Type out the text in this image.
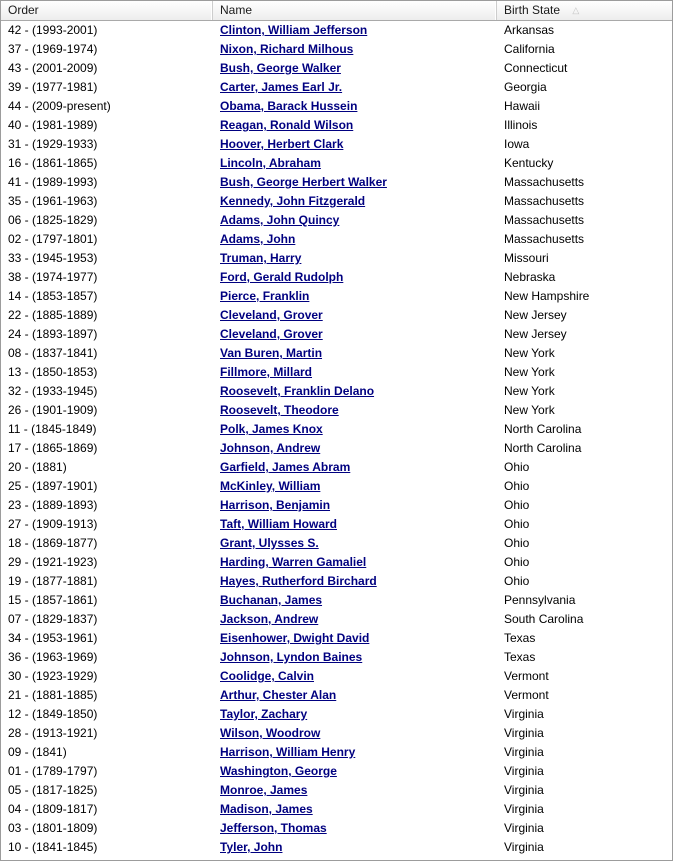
Order	Name	Birth State △
42 - (1993-2001)	Clinton, William Jefferson	Arkansas
37 - (1969-1974)	Nixon, Richard Milhous	California
43 - (2001-2009)	Bush, George Walker	Connecticut
39 - (1977-1981)	Carter, James Earl Jr.	Georgia
44 - (2009-present)	Obama, Barack Hussein	Hawaii
40 - (1981-1989)	Reagan, Ronald Wilson	Illinois
31 - (1929-1933)	Hoover, Herbert Clark	Iowa
16 - (1861-1865)	Lincoln, Abraham	Kentucky
41 - (1989-1993)	Bush, George Herbert Walker	Massachusetts
35 - (1961-1963)	Kennedy, John Fitzgerald	Massachusetts
06 - (1825-1829)	Adams, John Quincy	Massachusetts
02 - (1797-1801)	Adams, John	Massachusetts
33 - (1945-1953)	Truman, Harry	Missouri
38 - (1974-1977)	Ford, Gerald Rudolph	Nebraska
14 - (1853-1857)	Pierce, Franklin	New Hampshire
22 - (1885-1889)	Cleveland, Grover	New Jersey
24 - (1893-1897)	Cleveland, Grover	New Jersey
08 - (1837-1841)	Van Buren, Martin	New York
13 - (1850-1853)	Fillmore, Millard	New York
32 - (1933-1945)	Roosevelt, Franklin Delano	New York
26 - (1901-1909)	Roosevelt, Theodore	New York
11 - (1845-1849)	Polk, James Knox	North Carolina
17 - (1865-1869)	Johnson, Andrew	North Carolina
20 - (1881)	Garfield, James Abram	Ohio
25 - (1897-1901)	McKinley, William	Ohio
23 - (1889-1893)	Harrison, Benjamin	Ohio
27 - (1909-1913)	Taft, William Howard	Ohio
18 - (1869-1877)	Grant, Ulysses S.	Ohio
29 - (1921-1923)	Harding, Warren Gamaliel	Ohio
19 - (1877-1881)	Hayes, Rutherford Birchard	Ohio
15 - (1857-1861)	Buchanan, James	Pennsylvania
07 - (1829-1837)	Jackson, Andrew	South Carolina
34 - (1953-1961)	Eisenhower, Dwight David	Texas
36 - (1963-1969)	Johnson, Lyndon Baines	Texas
30 - (1923-1929)	Coolidge, Calvin	Vermont
21 - (1881-1885)	Arthur, Chester Alan	Vermont
12 - (1849-1850)	Taylor, Zachary	Virginia
28 - (1913-1921)	Wilson, Woodrow	Virginia
09 - (1841)	Harrison, William Henry	Virginia
01 - (1789-1797)	Washington, George	Virginia
05 - (1817-1825)	Monroe, James	Virginia
04 - (1809-1817)	Madison, James	Virginia
03 - (1801-1809)	Jefferson, Thomas	Virginia
10 - (1841-1845)	Tyler, John	Virginia
